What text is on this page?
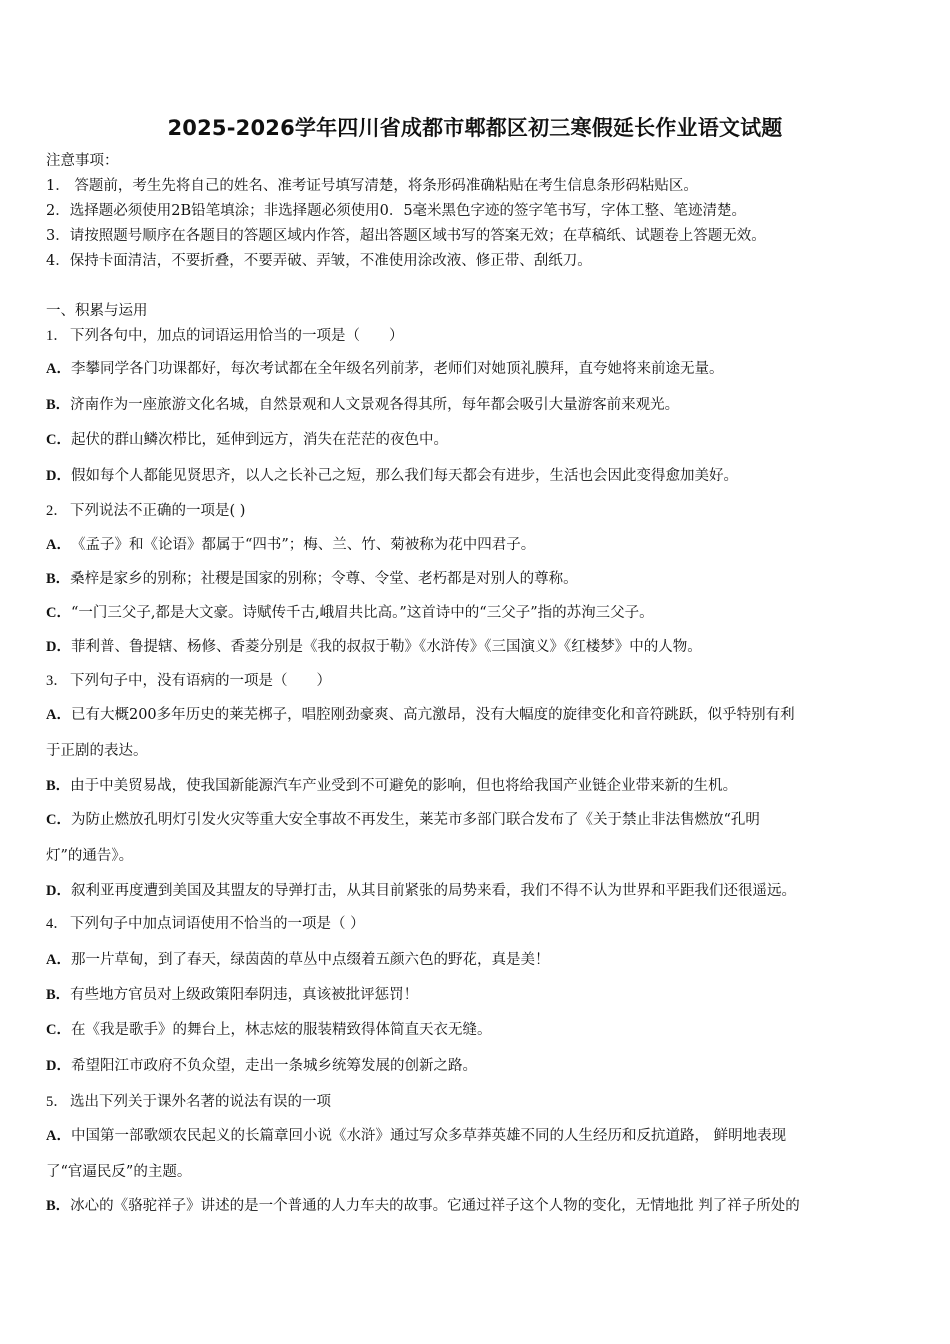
2025-2026学年四川省成都市郫都区初三寒假延长作业语文试题
注意事项：
1． 答题前，考生先将自己的姓名、准考证号填写清楚，将条形码准确粘贴在考生信息条形码粘贴区。
2．选择题必须使用2B铅笔填涂；非选择题必须使用0．5毫米黑色字迹的签字笔书写，字体工整、笔迹清楚。
3．请按照题号顺序在各题目的答题区域内作答，超出答题区域书写的答案无效；在草稿纸、试题卷上答题无效。
4．保持卡面清洁，不要折叠，不要弄破、弄皱，不准使用涂改液、修正带、刮纸刀。
一、积累与运用
1． 下列各句中，加点的词语运用恰当的一项是（　　）
A．李攀同学各门功课都好，每次考试都在全年级名列前茅，老师们对她顶礼膜拜，直夸她将来前途无量。
B．济南作为一座旅游文化名城，自然景观和人文景观各得其所，每年都会吸引大量游客前来观光。
C．起伏的群山鳞次栉比，延伸到远方，消失在茫茫的夜色中。
D．假如每个人都能见贤思齐，以人之长补己之短，那么我们每天都会有进步，生活也会因此变得愈加美好。
2． 下列说法不正确的一项是( )
A．《孟子》和《论语》都属于“四书”；梅、兰、竹、菊被称为花中四君子。
B．桑梓是家乡的别称；社稷是国家的别称；令尊、令堂、老朽都是对别人的尊称。
C．“一门三父子,都是大文豪。诗赋传千古,峨眉共比高。”这首诗中的“三父子”指的苏洵三父子。
D．菲利普、鲁提辖、杨修、香菱分别是《我的叔叔于勒》《水浒传》《三国演义》《红楼梦》中的人物。
3． 下列句子中，没有语病的一项是（　　）
A．已有大概200多年历史的莱芜梆子，唱腔刚劲豪爽、高亢激昂，没有大幅度的旋律变化和音符跳跃，似乎特别有利
于正剧的表达。
B．由于中美贸易战，使我国新能源汽车产业受到不可避免的影响，但也将给我国产业链企业带来新的生机。
C．为防止燃放孔明灯引发火灾等重大安全事故不再发生，莱芜市多部门联合发布了《关于禁止非法售燃放“孔明
灯”的通告》。
D．叙利亚再度遭到美国及其盟友的导弹打击，从其目前紧张的局势来看，我们不得不认为世界和平距我们还很遥远。
4． 下列句子中加点词语使用不恰当的一项是（ ）
A．那一片草甸，到了春天，绿茵茵的草丛中点缀着五颜六色的野花，真是美！
B．有些地方官员对上级政策阳奉阴违，真该被批评惩罚！
C．在《我是歌手》的舞台上，林志炫的服装精致得体简直天衣无缝。
D．希望阳江市政府不负众望，走出一条城乡统筹发展的创新之路。
5． 选出下列关于课外名著的说法有误的一项
A．中国第一部歌颂农民起义的长篇章回小说《水浒》通过写众多草莽英雄不同的人生经历和反抗道路， 鲜明地表现
了“官逼民反”的主题。
B．冰心的《骆驼祥子》讲述的是一个普通的人力车夫的故事。它通过祥子这个人物的变化，无情地批 判了祥子所处的
